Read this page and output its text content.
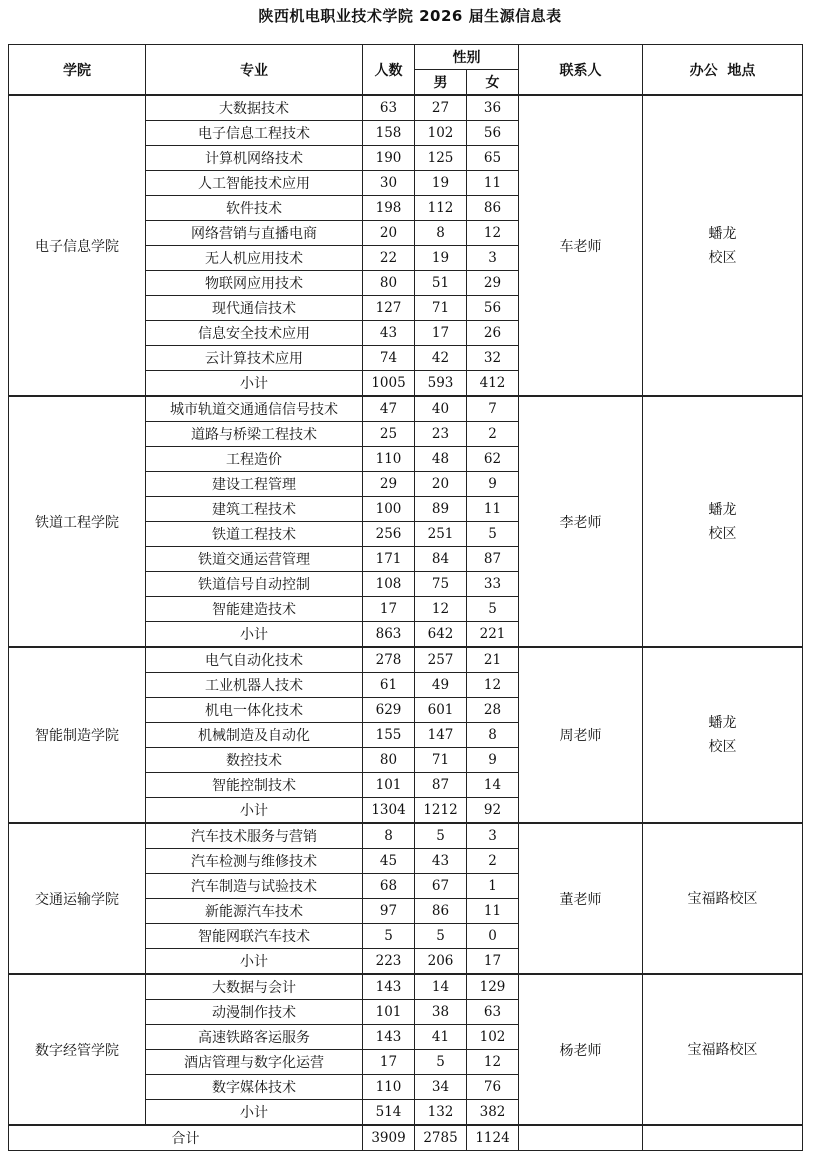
陕西机电职业技术学院 2026 届生源信息表
学院	专业	人数	性别		联系人	办公  地点
			男	女		
电子信息学院	大数据技术	63	27	36	车老师	蟠龙
校区

	电子信息工程技术	158	102	56		
	计算机网络技术	190	125	65		
	人工智能技术应用	30	19	11		
	软件技术	198	112	86		
	网络营销与直播电商	20	8	12		
	无人机应用技术	22	19	3		
	物联网应用技术	80	51	29		
	现代通信技术	127	71	56		
	信息安全技术应用	43	17	26		
	云计算技术应用	74	42	32		
	小计	1005	593	412		
铁道工程学院	城市轨道交通通信信号技术	47	40	7	李老师	蟠龙
校区

	道路与桥梁工程技术	25	23	2		
	工程造价	110	48	62		
	建设工程管理	29	20	9		
	建筑工程技术	100	89	11		
	铁道工程技术	256	251	5		
	铁道交通运营管理	171	84	87		
	铁道信号自动控制	108	75	33		
	智能建造技术	17	12	5		
	小计	863	642	221		
智能制造学院	电气自动化技术	278	257	21	周老师	蟠龙
校区

	工业机器人技术	61	49	12		
	机电一体化技术	629	601	28		
	机械制造及自动化	155	147	8		
	数控技术	80	71	9		
	智能控制技术	101	87	14		
	小计	1304	1212	92		
交通运输学院	汽车技术服务与营销	8	5	3	董老师	宝福路校区

	汽车检测与维修技术	45	43	2		
	汽车制造与试验技术	68	67	1		
	新能源汽车技术	97	86	11		
	智能网联汽车技术	5	5	0		
	小计	223	206	17		
数字经管学院	大数据与会计	143	14	129	杨老师	宝福路校区

	动漫制作技术	101	38	63		
	高速铁路客运服务	143	41	102		
	酒店管理与数字化运营	17	5	12		
	数字媒体技术	110	34	76		
	小计	514	132	382		
合计		3909	2785	1124		
